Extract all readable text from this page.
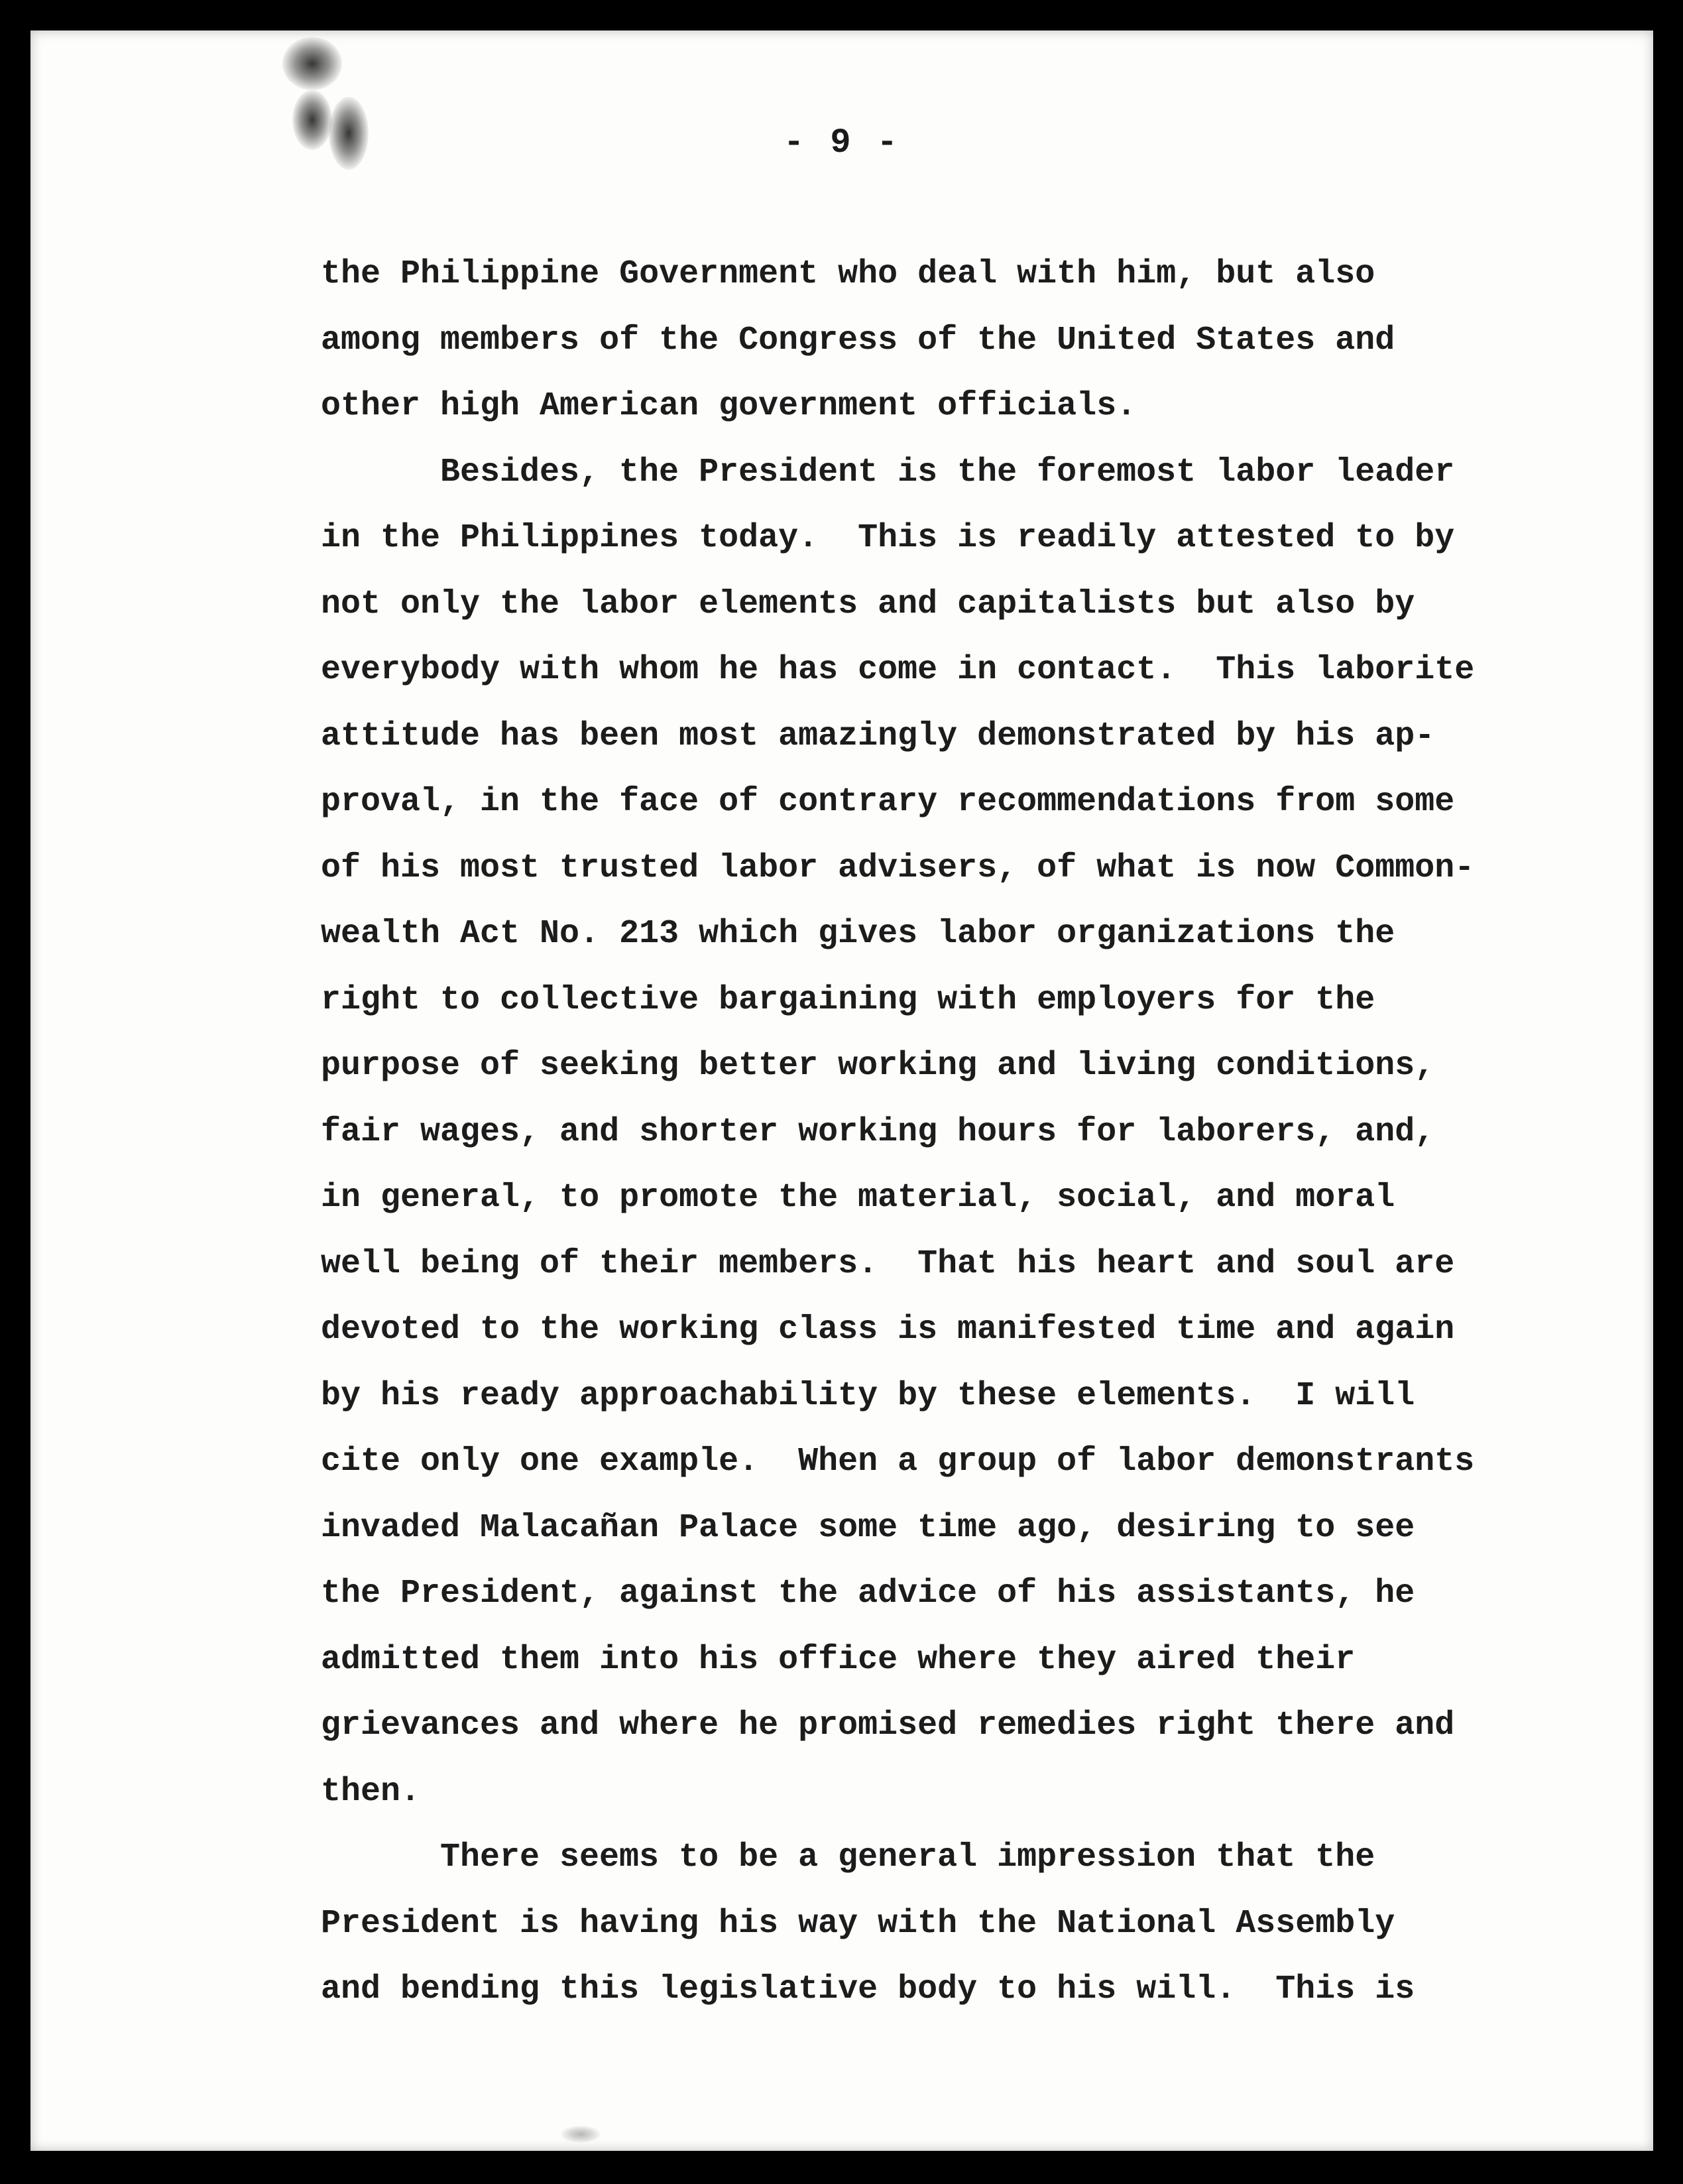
- 9 -
the Philippine Government who deal with him, but also
among members of the Congress of the United States and
other high American government officials.
Besides, the President is the foremost labor leader
in the Philippines today.  This is readily attested to by
not only the labor elements and capitalists but also by
everybody with whom he has come in contact.  This laborite
attitude has been most amazingly demonstrated by his ap-
proval, in the face of contrary recommendations from some
of his most trusted labor advisers, of what is now Common-
wealth Act No. 213 which gives labor organizations the
right to collective bargaining with employers for the
purpose of seeking better working and living conditions,
fair wages, and shorter working hours for laborers, and,
in general, to promote the material, social, and moral
well being of their members.  That his heart and soul are
devoted to the working class is manifested time and again
by his ready approachability by these elements.  I will
cite only one example.  When a group of labor demonstrants
invaded Malacañan Palace some time ago, desiring to see
the President, against the advice of his assistants, he
admitted them into his office where they aired their
grievances and where he promised remedies right there and
then.
There seems to be a general impression that the
President is having his way with the National Assembly
and bending this legislative body to his will.  This is
